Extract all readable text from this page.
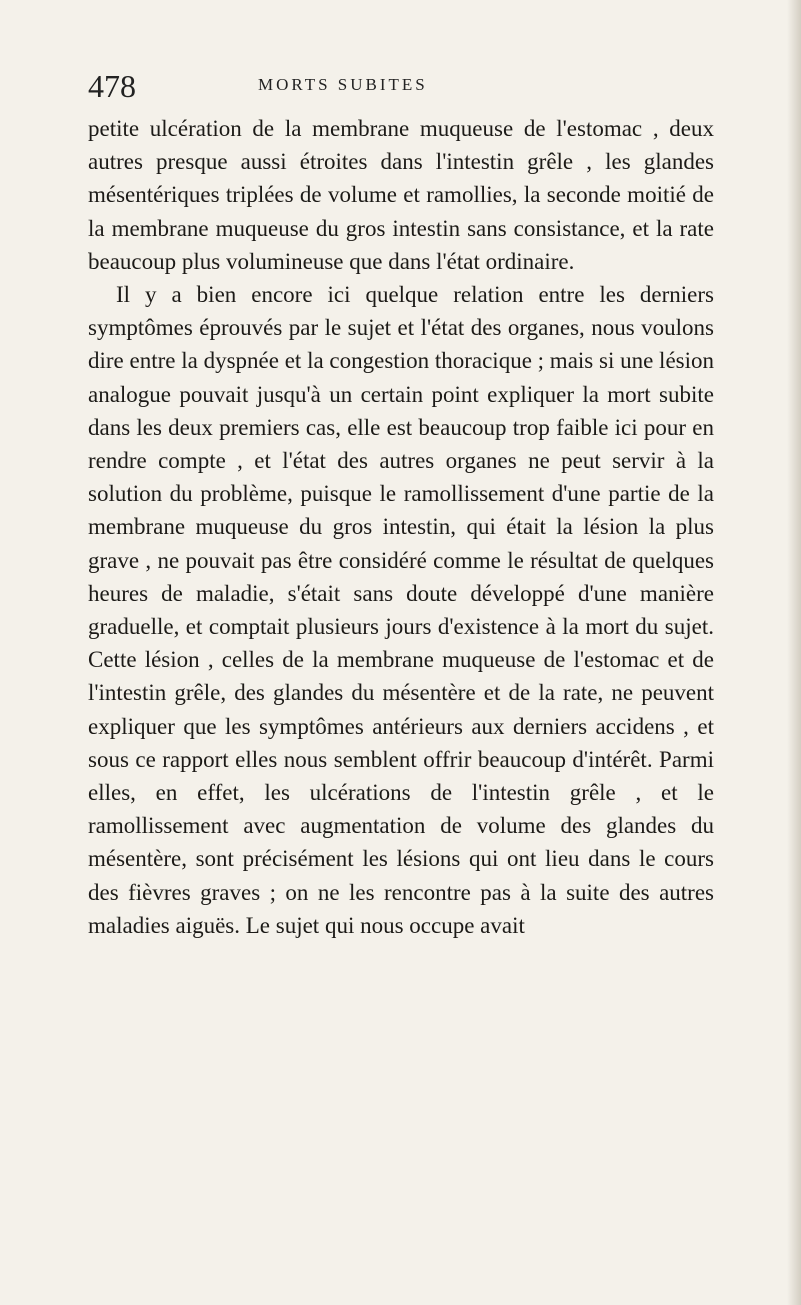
478	MORTS SUBITES

petite ulcération de la membrane muqueuse de l'estomac , deux autres presque aussi étroites dans l'intestin grêle , les glandes mésentériques triplées de volume et ramollies, la seconde moitié de la membrane muqueuse du gros intestin sans consistance, et la rate beaucoup plus volumineuse que dans l'état ordinaire.

Il y a bien encore ici quelque relation entre les derniers symptômes éprouvés par le sujet et l'état des organes, nous voulons dire entre la dyspnée et la congestion thoracique ; mais si une lésion analogue pouvait jusqu'à un certain point expliquer la mort subite dans les deux premiers cas, elle est beaucoup trop faible ici pour en rendre compte , et l'état des autres organes ne peut servir à la solution du problème, puisque le ramollissement d'une partie de la membrane muqueuse du gros intestin, qui était la lésion la plus grave , ne pouvait pas être considéré comme le résultat de quelques heures de maladie, s'était sans doute développé d'une manière graduelle, et comptait plusieurs jours d'existence à la mort du sujet. Cette lésion , celles de la membrane muqueuse de l'estomac et de l'intestin grêle, des glandes du mésentère et de la rate, ne peuvent expliquer que les symptômes antérieurs aux derniers accidens , et sous ce rapport elles nous semblent offrir beaucoup d'intérêt. Parmi elles, en effet, les ulcérations de l'intestin grêle , et le ramollissement avec augmentation de volume des glandes du mésentère, sont précisément les lésions qui ont lieu dans le cours des fièvres graves ; on ne les rencontre pas à la suite des autres maladies aiguës. Le sujet qui nous occupe avait
